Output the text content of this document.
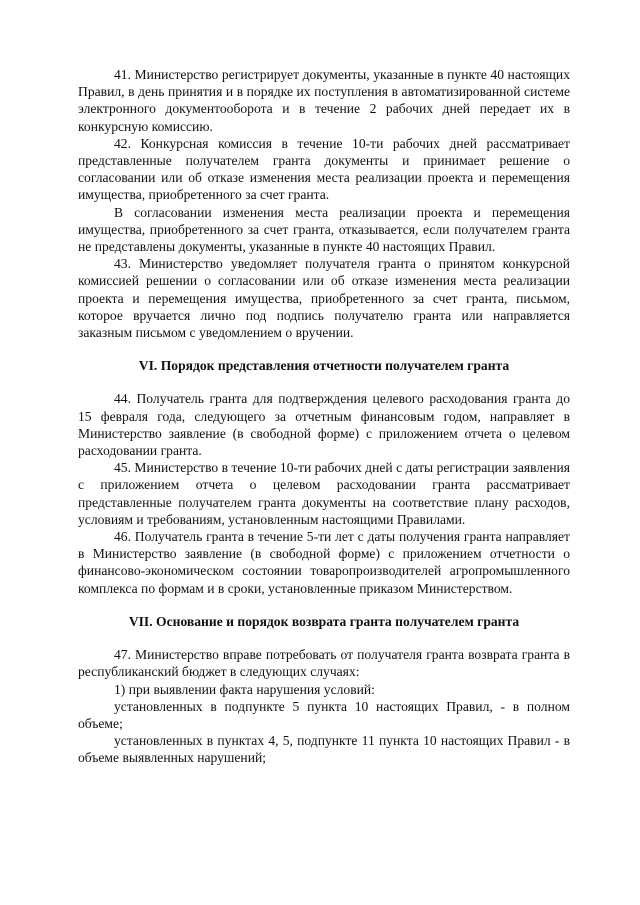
41. Министерство регистрирует документы, указанные в пункте 40 настоящих Правил, в день принятия и в порядке их поступления в автоматизированной системе электронного документооборота и в течение 2 рабочих дней передает их в конкурсную комиссию.

42. Конкурсная комиссия в течение 10-ти рабочих дней рассматривает представленные получателем гранта документы и принимает решение о согласовании или об отказе изменения места реализации проекта и перемещения имущества, приобретенного за счет гранта.

В согласовании изменения места реализации проекта и перемещения имущества, приобретенного за счет гранта, отказывается, если получателем гранта не представлены документы, указанные в пункте 40 настоящих Правил.

43. Министерство уведомляет получателя гранта о принятом конкурсной комиссией решении о согласовании или об отказе изменения места реализации проекта и перемещения имущества, приобретенного за счет гранта, письмом, которое вручается лично под подпись получателю гранта или направляется заказным письмом с уведомлением о вручении.

VI. Порядок представления отчетности получателем гранта

44. Получатель гранта для подтверждения целевого расходования гранта до 15 февраля года, следующего за отчетным финансовым годом, направляет в Министерство заявление (в свободной форме) с приложением отчета о целевом расходовании гранта.

45. Министерство в течение 10-ти рабочих дней с даты регистрации заявления с приложением отчета о целевом расходовании гранта рассматривает представленные получателем гранта документы на соответствие плану расходов, условиям и требованиям, установленным настоящими Правилами.

46. Получатель гранта в течение 5-ти лет с даты получения гранта направляет в Министерство заявление (в свободной форме) с приложением отчетности о финансово-экономическом состоянии товаропроизводителей агропромышленного комплекса по формам и в сроки, установленные приказом Министерством.

VII. Основание и порядок возврата гранта получателем гранта

47. Министерство вправе потребовать от получателя гранта возврата гранта в республиканский бюджет в следующих случаях:

1) при выявлении факта нарушения условий:

установленных в подпункте 5 пункта 10 настоящих Правил, - в полном объеме;

установленных в пунктах 4, 5, подпункте 11 пункта 10 настоящих Правил - в объеме выявленных нарушений;
